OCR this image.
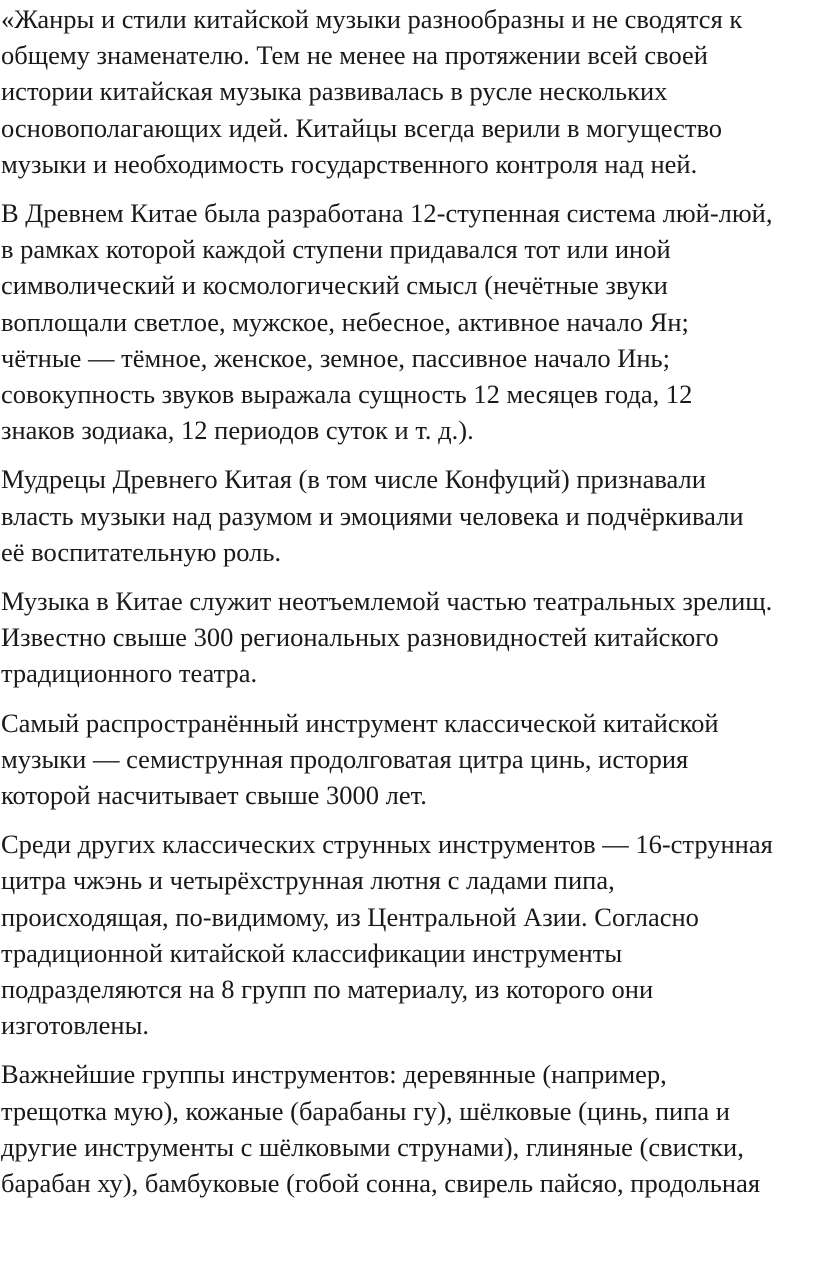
«Жанры и стили китайской музыки разнообразны и не сводятся к
общему знаменателю. Тем не менее на протяжении всей своей
истории китайская музыка развивалась в русле нескольких
основополагающих идей. Китайцы всегда верили в могущество
музыки и необходимость государственного контроля над ней.

В Древнем Китае была разработана 12-ступенная система люй-люй,
в рамках которой каждой ступени придавался тот или иной
символический и космологический смысл (нечётные звуки
воплощали светлое, мужское, небесное, активное начало Ян;
чётные — тёмное, женское, земное, пассивное начало Инь;
совокупность звуков выражала сущность 12 месяцев года, 12
знаков зодиака, 12 периодов суток и т. д.).

Мудрецы Древнего Китая (в том числе Конфуций) признавали
власть музыки над разумом и эмоциями человека и подчёркивали
её воспитательную роль.

Музыка в Китае служит неотъемлемой частью театральных зрелищ.
Известно свыше 300 региональных разновидностей китайского
традиционного театра.

Самый распространённый инструмент классической китайской
музыки — семиструнная продолговатая цитра цинь, история
которой насчитывает свыше 3000 лет.

Среди других классических струнных инструментов — 16-струнная
цитра чжэнь и четырёхструнная лютня с ладами пипа,
происходящая, по-видимому, из Центральной Азии. Согласно
традиционной китайской классификации инструменты
подразделяются на 8 групп по материалу, из которого они
изготовлены.

Важнейшие группы инструментов: деревянные (например,
трещотка мую), кожаные (барабаны гу), шёлковые (цинь, пипа и
другие инструменты с шёлковыми струнами), глиняные (свистки,
барабан ху), бамбуковые (гобой сонна, свирель пайсяо, продольная
